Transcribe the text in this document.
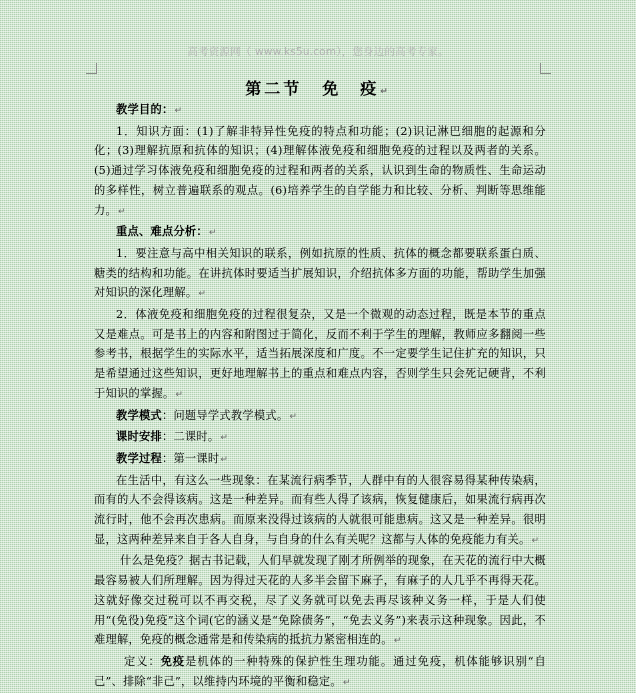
高考资源网（ www.ks5u.com），您身边的高考专家。
第二节 免　疫↵

教学目的：↵

1．知识方面：(1)了解非特异性免疫的特点和功能；(2)识记淋巴细胞的起源和分化；(3)理解抗原和抗体的知识；(4)理解体液免疫和细胞免疫的过程以及两者的关系。(5)通过学习体液免疫和细胞免疫的过程和两者的关系，认识到生命的物质性、生命运动的多样性，树立普遍联系的观点。(6)培养学生的自学能力和比较、分析、判断等思维能力。↵

重点、难点分析：↵

1．要注意与高中相关知识的联系，例如抗原的性质、抗体的概念都要联系蛋白质、糖类的结构和功能。在讲抗体时要适当扩展知识，介绍抗体多方面的功能，帮助学生加强对知识的深化理解。↵

2．体液免疫和细胞免疫的过程很复杂，又是一个微观的动态过程，既是本节的重点又是难点。可是书上的内容和附图过于简化，反而不利于学生的理解，教师应多翻阅一些参考书，根据学生的实际水平，适当拓展深度和广度。不一定要学生记住扩充的知识，只是希望通过这些知识，更好地理解书上的重点和难点内容，否则学生只会死记硬背，不利于知识的掌握。↵

教学模式：问题导学式教学模式。↵

课时安排：二课时。↵

教学过程：第一课时↵

在生活中，有这么一些现象：在某流行病季节，人群中有的人很容易得某种传染病，而有的人不会得该病。这是一种差异。而有些人得了该病，恢复健康后，如果流行病再次流行时，他不会再次患病。而原来没得过该病的人就很可能患病。这又是一种差异。很明显，这两种差异来自于各人自身，与自身的什么有关呢？这都与人体的免疫能力有关。↵

什么是免疫？据古书记载，人们早就发现了刚才所例举的现象，在天花的流行中大概最容易被人们所理解。因为得过天花的人多半会留下麻子，有麻子的人几乎不再得天花。这就好像交过税可以不再交税，尽了义务就可以免去再尽该种义务一样，于是人们使用“(免役)免疫”这个词(它的涵义是“免除债务”，“免去义务”)来表示这种现象。因此，不难理解，免疫的概念通常是和传染病的抵抗力紧密相连的。↵

定义：免疫是机体的一种特殊的保护性生理功能。通过免疫，机体能够识别“自己”、排除“非己”，以维持内环境的平衡和稳定。↵
